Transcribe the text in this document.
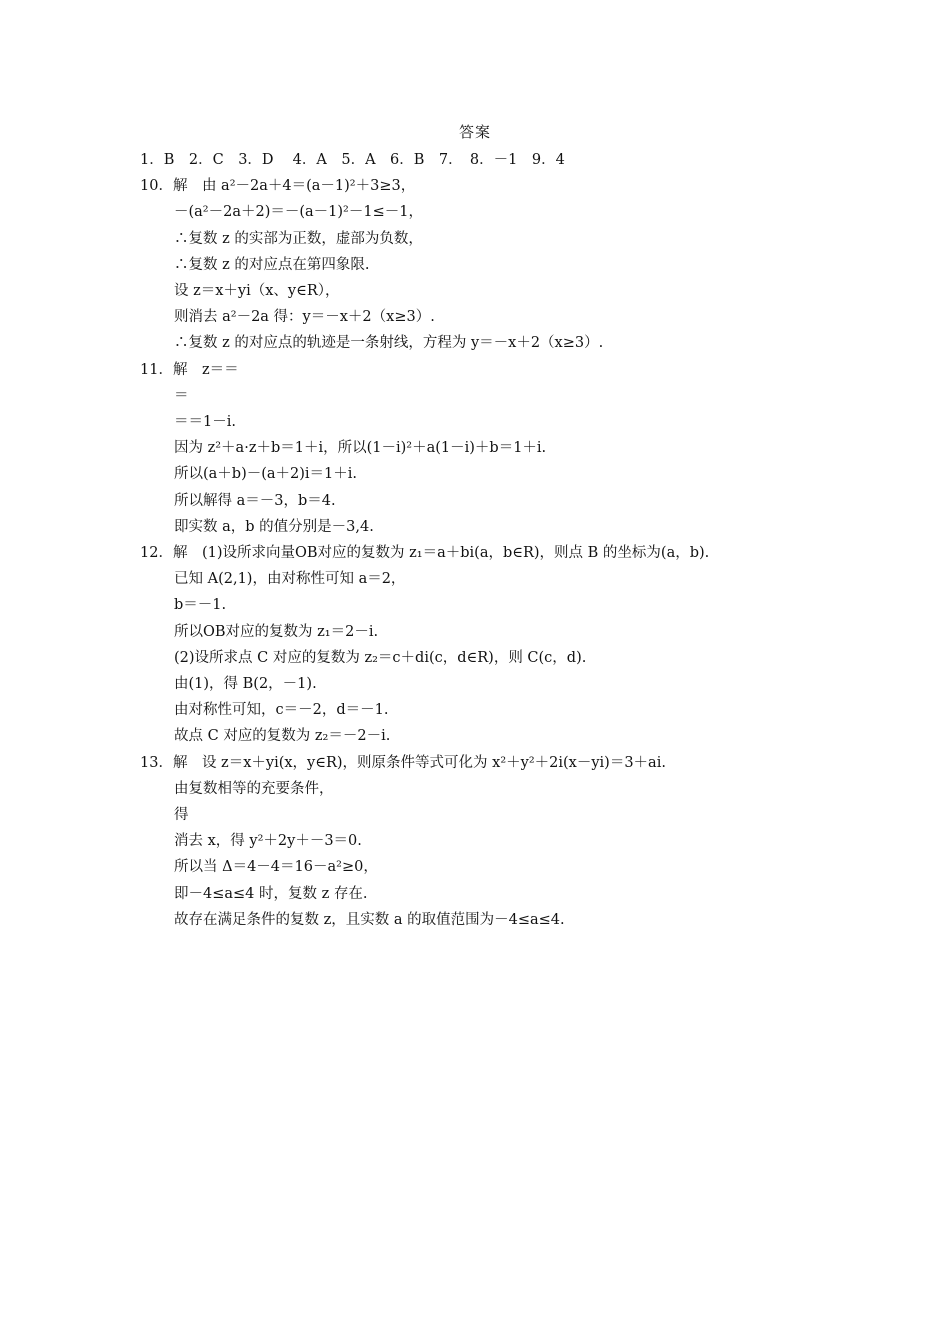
答案
1．B　2．C　3．D　 4．A　5．A　6．B　7．　8．－1　9．4
10．解　由 a²－2a＋4＝(a－1)²＋3≥3，
－(a²－2a＋2)＝－(a－1)²－1≤－1，
∴复数 z 的实部为正数，虚部为负数，
∴复数 z 的对应点在第四象限.
设 z＝x＋yi（x、y∈R），
则消去 a²－2a 得：y＝－x＋2（x≥3）.
∴复数 z 的对应点的轨迹是一条射线，方程为 y＝－x＋2（x≥3）.
11．解　z＝＝
＝
＝＝1－i.
因为 z²＋a·z＋b＝1＋i，所以(1－i)²＋a(1－i)＋b＝1＋i.
所以(a＋b)－(a＋2)i＝1＋i.
所以解得 a＝－3，b＝4.
即实数 a，b 的值分别是－3,4.
12．解　(1)设所求向量OB对应的复数为 z₁＝a＋bi(a，b∈R)，则点 B 的坐标为(a，b).
已知 A(2,1)，由对称性可知 a＝2，
b＝－1.
所以OB对应的复数为 z₁＝2－i.
(2)设所求点 C 对应的复数为 z₂＝c＋di(c，d∈R)，则 C(c，d).
由(1)，得 B(2，－1).
由对称性可知，c＝－2，d＝－1.
故点 C 对应的复数为 z₂＝－2－i.
13．解　设 z＝x＋yi(x，y∈R)，则原条件等式可化为 x²＋y²＋2i(x－yi)＝3＋ai.
由复数相等的充要条件，
得
消去 x，得 y²＋2y＋－3＝0.
所以当 Δ＝4－4＝16－a²≥0，
即－4≤a≤4 时，复数 z 存在.
故存在满足条件的复数 z，且实数 a 的取值范围为－4≤a≤4.
